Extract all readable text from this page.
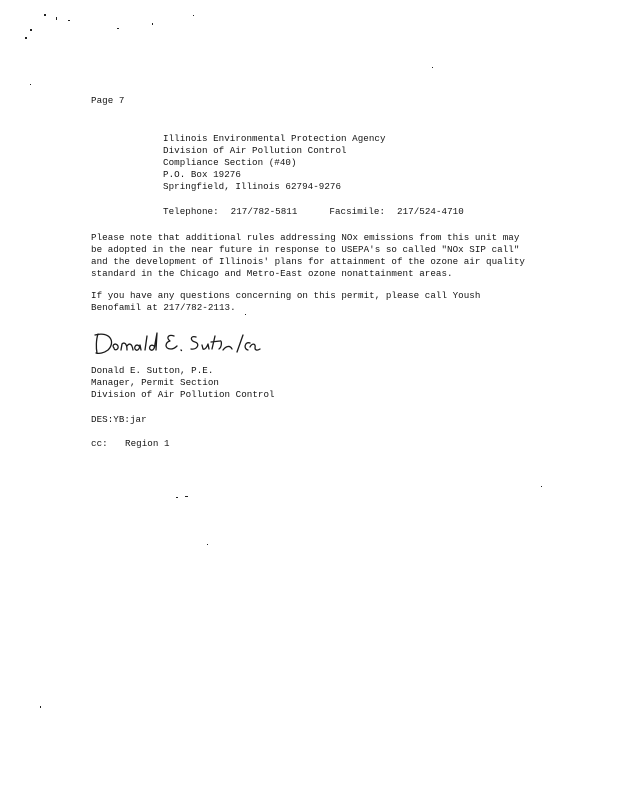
Page 7
Illinois Environmental Protection Agency
Division of Air Pollution Control
Compliance Section (#40)
P.O. Box 19276
Springfield, Illinois 62794-9276
Telephone: 217/782-5811	Facsimile: 217/524-4710
Please note that additional rules addressing NOx emissions from this unit may
be adopted in the near future in response to USEPA's so called "NOx SIP call"
and the development of Illinois' plans for attainment of the ozone air quality
standard in the Chicago and Metro-East ozone nonattainment areas.
If you have any questions concerning on this permit, please call Yoush
Benofamil at 217/782-2113.
Donald E. Sutton, P.E.
Manager, Permit Section
Division of Air Pollution Control
DES:YB:jar
cc: Region 1
